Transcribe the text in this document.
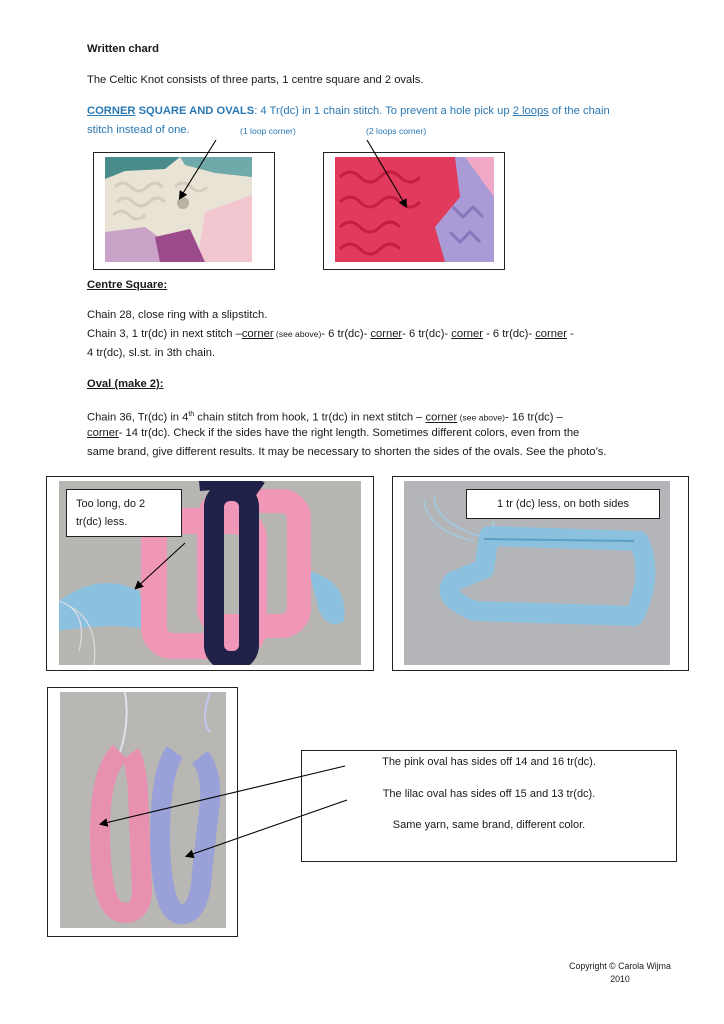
Written chard
The Celtic Knot consists of three parts, 1 centre square and 2 ovals.
CORNER SQUARE AND OVALS: 4 Tr(dc) in 1 chain stitch. To prevent a hole pick up 2 loops of the chain
stitch instead of one.	(1 loop corner)	(2 loops corner)
Centre Square:
Chain 28, close ring with a slipstitch.
Chain 3, 1 tr(dc) in next stitch –corner (see above)- 6 tr(dc)- corner- 6 tr(dc)- corner - 6 tr(dc)- corner -
4 tr(dc), sl.st. in 3th chain.
Oval (make 2):
Chain 36, Tr(dc) in 4th chain stitch from hook, 1 tr(dc) in next stitch – corner (see above)- 16 tr(dc) –
corner- 14 tr(dc). Check if the sides have the right length. Sometimes different colors, even from the
same brand, give different results. It may be necessary to shorten the sides of the ovals. See the photo’s.
Too long, do 2
tr(dc) less.
1 tr (dc) less, on both sides
The pink oval has sides off 14 and 16 tr(dc).
The lilac oval has sides off 15 and 13 tr(dc).
Same yarn, same brand, different color.
Copyright © Carola Wijma
2010
